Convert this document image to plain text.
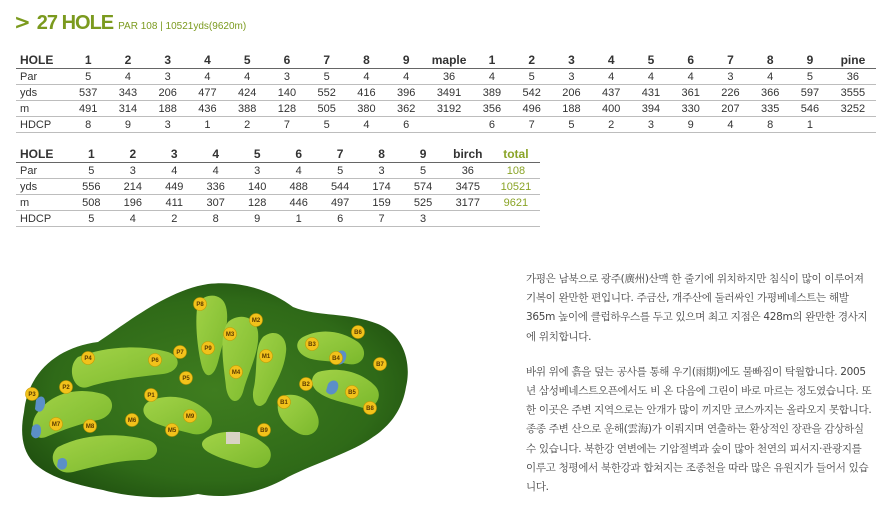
> 27 HOLE PAR 108 | 10521yds(9620m)
HOLE	1	2	3	4	5	6	7	8	9	maple	1	2	3	4	5	6	7	8	9	pine
Par	5	4	3	4	4	3	5	4	4	36	4	5	3	4	4	4	3	4	5	36
yds	537	343	206	477	424	140	552	416	396	3491	389	542	206	437	431	361	226	366	597	3555
m	491	314	188	436	388	128	505	380	362	3192	356	496	188	400	394	330	207	335	546	3252
HDCP	8	9	3	1	2	7	5	4	6		6	7	5	2	3	9	4	8	1	
HOLE	1	2	3	4	5	6	7	8	9	birch	total
Par	5	3	4	4	3	4	5	3	5	36	108
yds	556	214	449	336	140	488	544	174	574	3475	10521
m	508	196	411	307	128	446	497	159	525	3177	9621
HDCP	5	4	2	8	9	1	6	7	3		
P8
M3
M2
P9
P7
P6
P4	M1
M4
P5
P2
P3	P1
M6
M9
M7	M8
M5
B3
B4
B6
B7
B2
B5
B1
B8
B9

가평은 남북으로 광주(廣州)산맥 한 줄기에 위치하지만 침식이 많이 이루어져 기복이 완만한 편입니다. 주금산, 개주산에 둘러싸인 가평베네스트는 해발 365m 높이에 클럽하우스를 두고 있으며 최고 지점은 428m의 완만한 경사지에 위치합니다.

바위 위에 흙을 덮는 공사를 통해 우기(雨期)에도 물빠짐이 탁월합니다. 2005년 삼성베네스트오픈에서도 비 온 다음에 그린이 바로 마르는 정도였습니다. 또한 이곳은 주변 지역으로는 안개가 많이 끼지만 코스까지는 올라오지 못합니다. 종종 주변 산으로 운해(雲海)가 이뤄지며 연출하는 환상적인 장관을 감상하실 수 있습니다. 북한강 연변에는 기암절벽과 숲이 많아 천연의 피서지·관광지를 이루고 청평에서 북한강과 합쳐지는 조종천을 따라 많은 유원지가 들어서 있습니다.
